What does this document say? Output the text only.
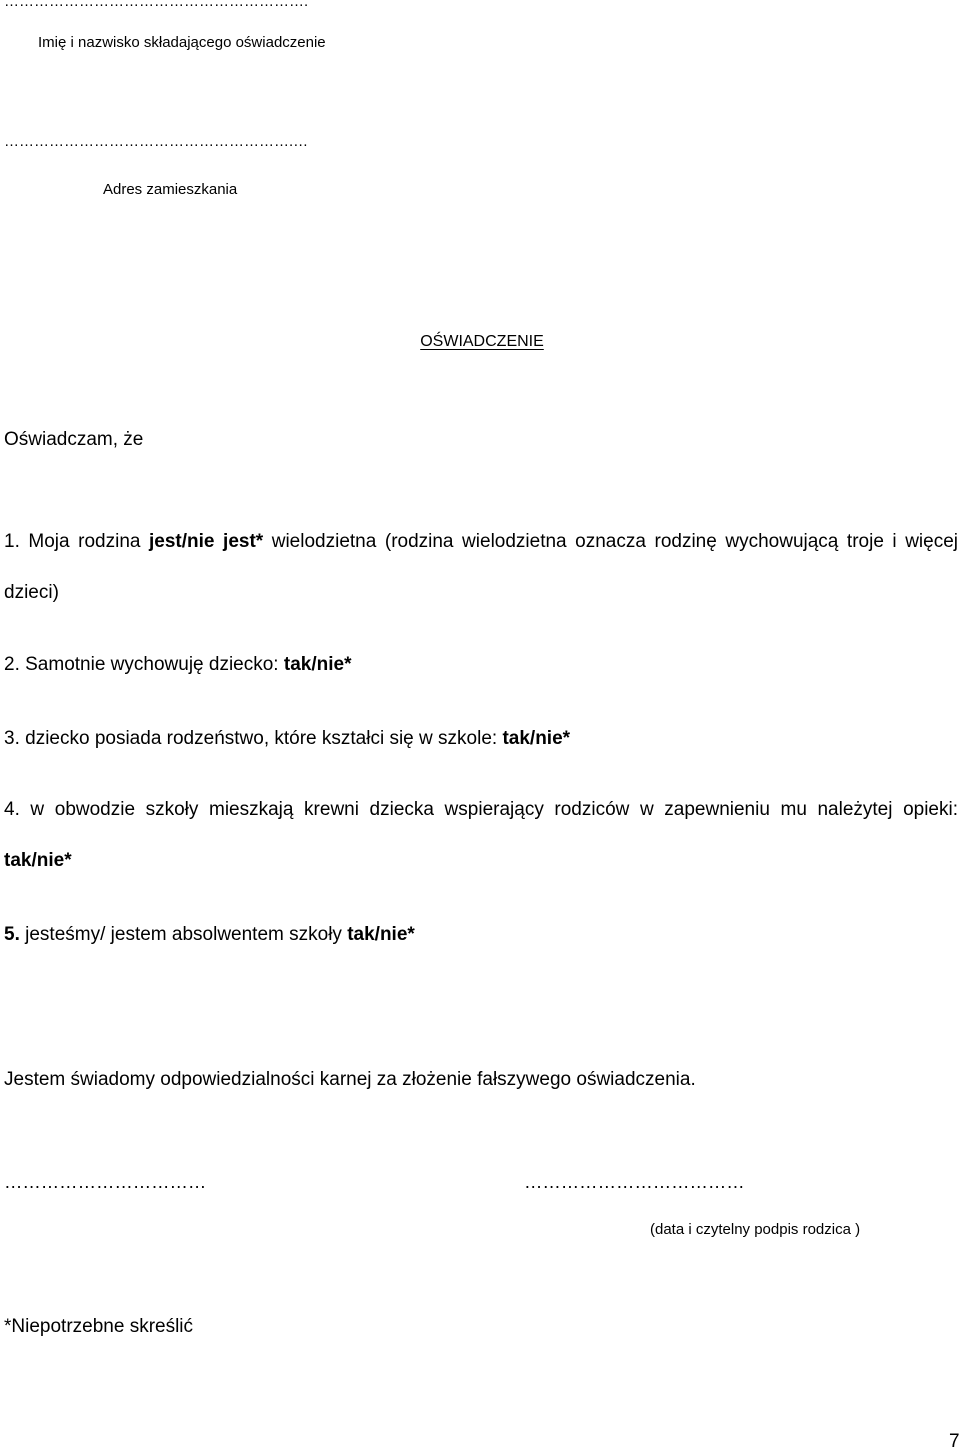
…………………………………………………….
Imię i nazwisko składającego oświadczenie
………………………………………………….…
Adres zamieszkania
OŚWIADCZENIE
Oświadczam, że
1. Moja rodzina jest/nie jest* wielodzietna (rodzina wielodzietna oznacza rodzinę wychowującą troje i więcej
dzieci)
2. Samotnie wychowuję dziecko: tak/nie*
3. dziecko posiada rodzeństwo, które kształci się w szkole: tak/nie*
4. w obwodzie szkoły mieszkają krewni dziecka wspierający rodziców w zapewnieniu mu należytej opieki:
tak/nie*
5. jesteśmy/ jestem absolwentem szkoły tak/nie*
Jestem świadomy odpowiedzialności karnej za złożenie fałszywego oświadczenia.
……………………………	………………………………
(data i czytelny podpis rodzica )
*Niepotrzebne skreślić
7
